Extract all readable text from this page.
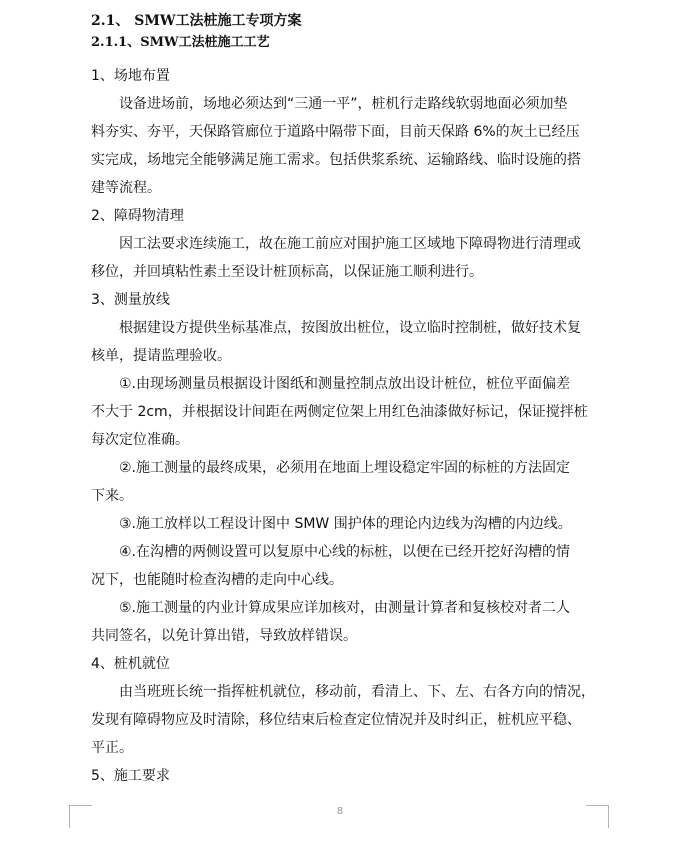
2.1、 SMW工法桩施工专项方案
2.1.1、SMW工法桩施工工艺
1、场地布置
设备进场前，场地必须达到“三通一平”，桩机行走路线软弱地面必须加垫
料夯实、夯平，天保路管廊位于道路中隔带下面，目前天保路 6%的灰土已经压
实完成，场地完全能够满足施工需求。包括供浆系统、运输路线、临时设施的搭
建等流程。
2、障碍物清理
因工法要求连续施工，故在施工前应对围护施工区域地下障碍物进行清理或
移位，并回填粘性素土至设计桩顶标高，以保证施工顺利进行。
3、测量放线
根据建设方提供坐标基准点，按图放出桩位，设立临时控制桩，做好技术复
核单，提请监理验收。
①.由现场测量员根据设计图纸和测量控制点放出设计桩位，桩位平面偏差
不大于 2cm，并根据设计间距在两侧定位架上用红色油漆做好标记，保证搅拌桩
每次定位准确。
②.施工测量的最终成果，必须用在地面上埋设稳定牢固的标桩的方法固定
下来。
③.施工放样以工程设计图中 SMW 围护体的理论内边线为沟槽的内边线。
④.在沟槽的两侧设置可以复原中心线的标桩，以便在已经开挖好沟槽的情
况下，也能随时检查沟槽的走向中心线。
⑤.施工测量的内业计算成果应详加核对，由测量计算者和复核校对者二人
共同签名，以免计算出错，导致放样错误。
4、桩机就位
由当班班长统一指挥桩机就位，移动前，看清上、下、左、右各方向的情况，
发现有障碍物应及时清除，移位结束后检查定位情况并及时纠正，桩机应平稳、
平正。
5、施工要求
8
